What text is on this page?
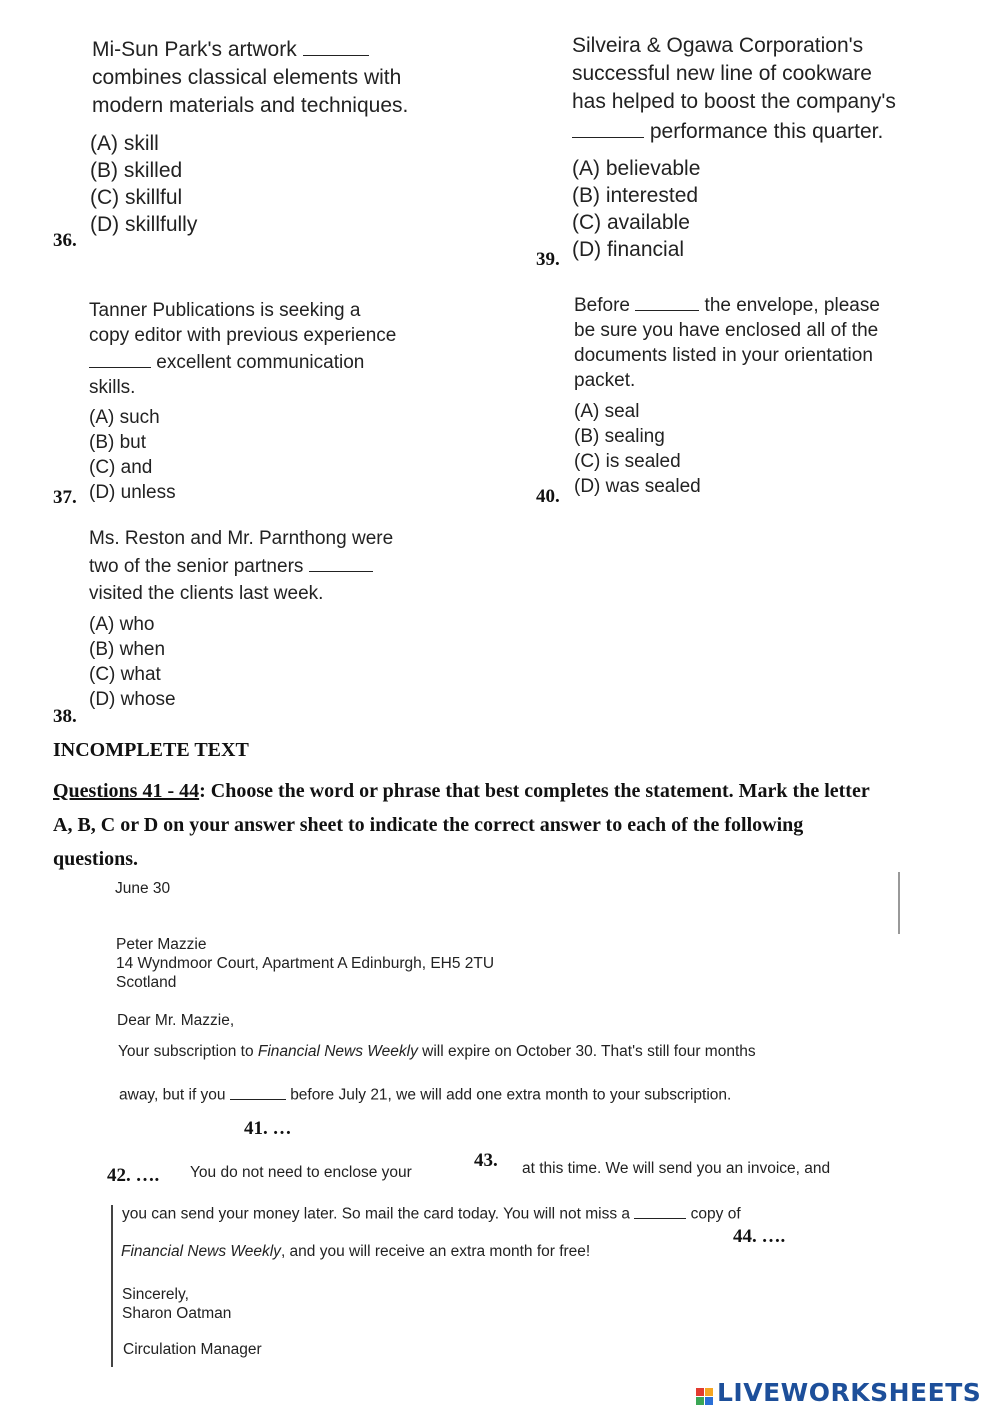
Mi-Sun Park's artwork
combines classical elements with
modern materials and techniques.
(A) skill
(B) skilled
(C) skillful
(D) skillfully
36.
Silveira & Ogawa Corporation's
successful new line of cookware
has helped to boost the company's
performance this quarter.
(A) believable
(B) interested
(C) available
(D) financial
39.
Tanner Publications is seeking a
copy editor with previous experience
excellent communication
skills.
(A) such
(B) but
(C) and
(D) unless
37.
Before	the envelope, please
be sure you have enclosed all of the
documents listed in your orientation
packet.
(A) seal
(B) sealing
(C) is sealed
(D) was sealed
40.
Ms. Reston and Mr. Parnthong were
two of the senior partners
visited the clients last week.
(A) who
(B) when
(C) what
(D) whose
38.
INCOMPLETE TEXT
Questions 41 - 44: Choose the word or phrase that best completes the statement. Mark the letter
A, B, C or D on your answer sheet to indicate the correct answer to each of the following
questions.
June 30
Peter Mazzie
14 Wyndmoor Court, Apartment A Edinburgh, EH5 2TU
Scotland
Dear Mr. Mazzie,
Your subscription to Financial News Weekly will expire on October 30. That's still four months
away, but if you	before July 21, we will add one extra month to your subscription.
41. …
42. …. You do not need to enclose your
43. at this time. We will send you an invoice, and
you can send your money later. So mail the card today. You will not miss a	copy of
44. ….
Financial News Weekly, and you will receive an extra month for free!
Sincerely,
Sharon Oatman
Circulation Manager
LIVEWORKSHEETS
